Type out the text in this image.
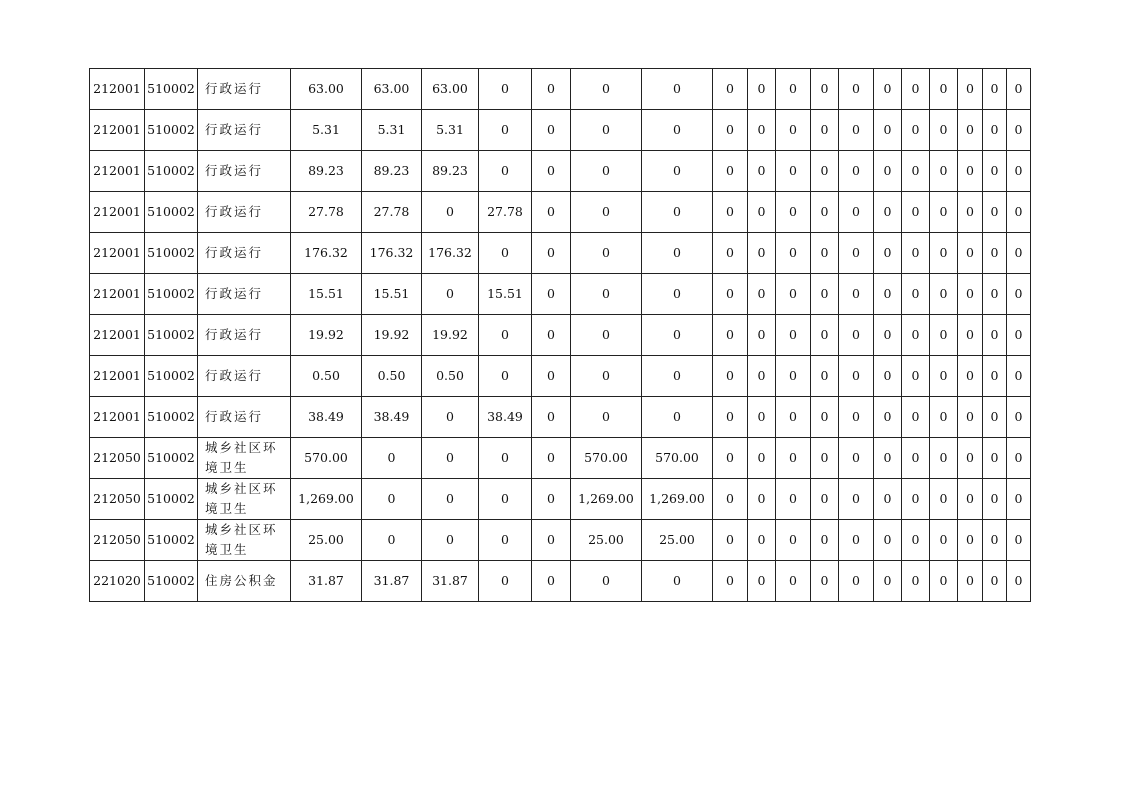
212001	510002	行政运行	63.00	63.00	63.00	0	0	0	0	0	0	0	0	0	0	0	0	0	0	0
212001	510002	行政运行	5.31	5.31	5.31	0	0	0	0	0	0	0	0	0	0	0	0	0	0	0
212001	510002	行政运行	89.23	89.23	89.23	0	0	0	0	0	0	0	0	0	0	0	0	0	0	0
212001	510002	行政运行	27.78	27.78	0	27.78	0	0	0	0	0	0	0	0	0	0	0	0	0	0
212001	510002	行政运行	176.32	176.32	176.32	0	0	0	0	0	0	0	0	0	0	0	0	0	0	0
212001	510002	行政运行	15.51	15.51	0	15.51	0	0	0	0	0	0	0	0	0	0	0	0	0	0
212001	510002	行政运行	19.92	19.92	19.92	0	0	0	0	0	0	0	0	0	0	0	0	0	0	0
212001	510002	行政运行	0.50	0.50	0.50	0	0	0	0	0	0	0	0	0	0	0	0	0	0	0
212001	510002	行政运行	38.49	38.49	0	38.49	0	0	0	0	0	0	0	0	0	0	0	0	0	0
212050	510002	城乡社区环境卫生	570.00	0	0	0	0	570.00	570.00	0	0	0	0	0	0	0	0	0	0	0
212050	510002	城乡社区环境卫生	1,269.00	0	0	0	0	1,269.00	1,269.00	0	0	0	0	0	0	0	0	0	0	0
212050	510002	城乡社区环境卫生	25.00	0	0	0	0	25.00	25.00	0	0	0	0	0	0	0	0	0	0	0
221020	510002	住房公积金	31.87	31.87	31.87	0	0	0	0	0	0	0	0	0	0	0	0	0	0	0
